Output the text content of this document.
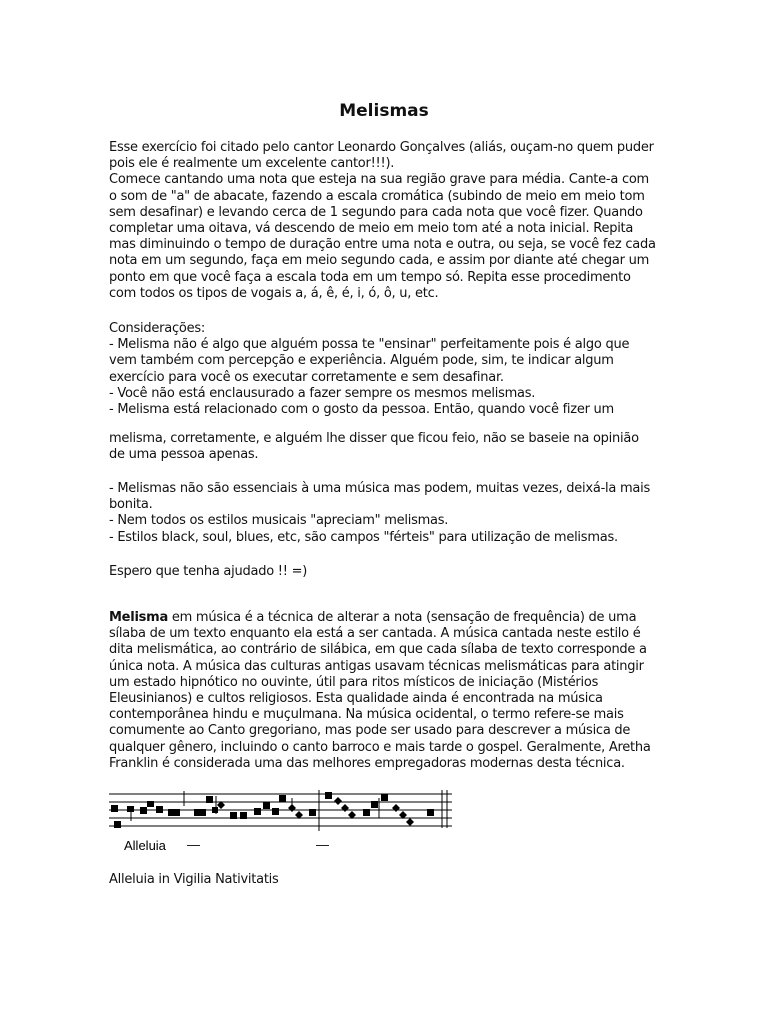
Melismas
Esse exercício foi citado pelo cantor Leonardo Gonçalves (aliás, ouçam-no quem puder
pois ele é realmente um excelente cantor!!!).
Comece cantando uma nota que esteja na sua região grave para média. Cante-a com
o som de "a" de abacate, fazendo a escala cromática (subindo de meio em meio tom
sem desafinar) e levando cerca de 1 segundo para cada nota que você fizer. Quando
completar uma oitava, vá descendo de meio em meio tom até a nota inicial. Repita
mas diminuindo o tempo de duração entre uma nota e outra, ou seja, se você fez cada
nota em um segundo, faça em meio segundo cada, e assim por diante até chegar um
ponto em que você faça a escala toda em um tempo só. Repita esse procedimento
com todos os tipos de vogais a, á, ê, é, i, ó, ô, u, etc.
Considerações:
- Melisma não é algo que alguém possa te "ensinar" perfeitamente pois é algo que
vem também com percepção e experiência. Alguém pode, sim, te indicar algum
exercício para você os executar corretamente e sem desafinar.
- Você não está enclausurado a fazer sempre os mesmos melismas.
- Melisma está relacionado com o gosto da pessoa. Então, quando você fizer um
melisma, corretamente, e alguém lhe disser que ficou feio, não se baseie na opinião
de uma pessoa apenas.
- Melismas não são essenciais à uma música mas podem, muitas vezes, deixá-la mais
bonita.
- Nem todos os estilos musicais "apreciam" melismas.
- Estilos black, soul, blues, etc, são campos "férteis" para utilização de melismas.
Espero que tenha ajudado !! =)
Melisma em música é a técnica de alterar a nota (sensação de frequência) de uma
sílaba de um texto enquanto ela está a ser cantada. A música cantada neste estilo é
dita melismática, ao contrário de silábica, em que cada sílaba de texto corresponde a
única nota. A música das culturas antigas usavam técnicas melismáticas para atingir
um estado hipnótico no ouvinte, útil para ritos místicos de iniciação (Mistérios
Eleusinianos) e cultos religiosos. Esta qualidade ainda é encontrada na música
contemporânea hindu e muçulmana. Na música ocidental, o termo refere-se mais
comumente ao Canto gregoriano, mas pode ser usado para descrever a música de
qualquer gênero, incluindo o canto barroco e mais tarde o gospel. Geralmente, Aretha
Franklin é considerada uma das melhores empregadoras modernas desta técnica.
Alleluia —	—
Alleluia in Vigilia Nativitatis
